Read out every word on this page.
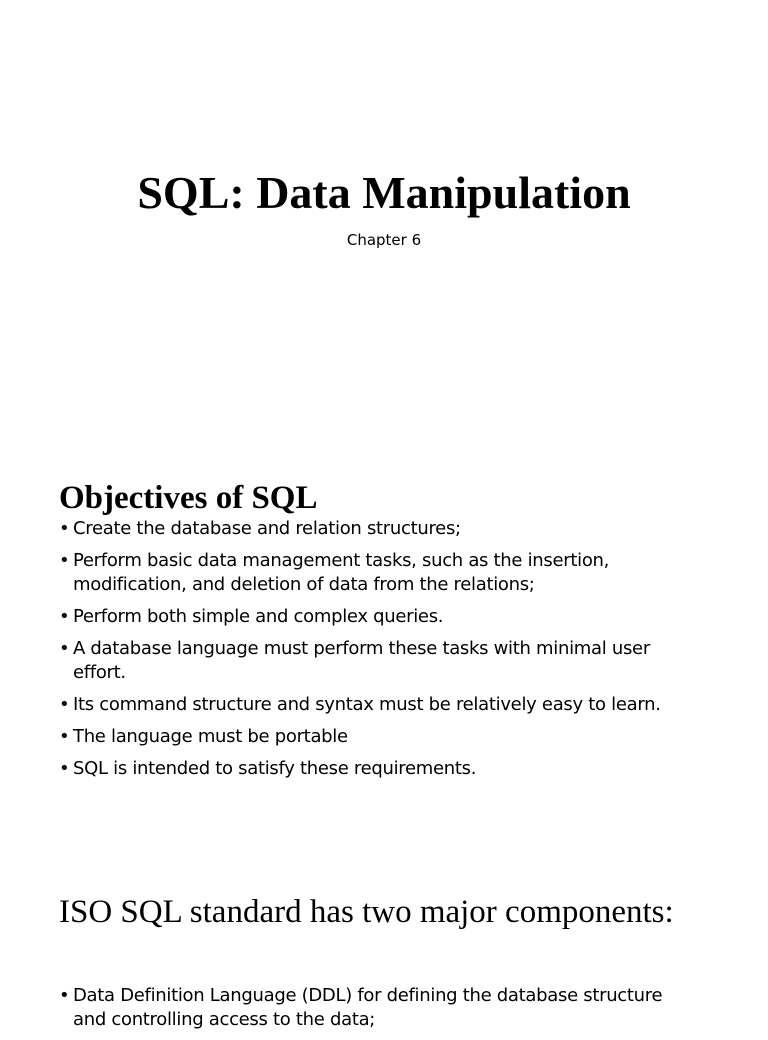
SQL: Data Manipulation

Chapter 6

Objectives of SQL
• Create the database and relation structures;
• Perform basic data management tasks, such as the insertion, modification, and deletion of data from the relations;
• Perform both simple and complex queries.
• A database language must perform these tasks with minimal user effort.
• Its command structure and syntax must be relatively easy to learn.
• The language must be portable
• SQL is intended to satisfy these requirements.
ISO SQL standard has two major components:
• Data Definition Language (DDL) for defining the database structure and controlling access to the data;
